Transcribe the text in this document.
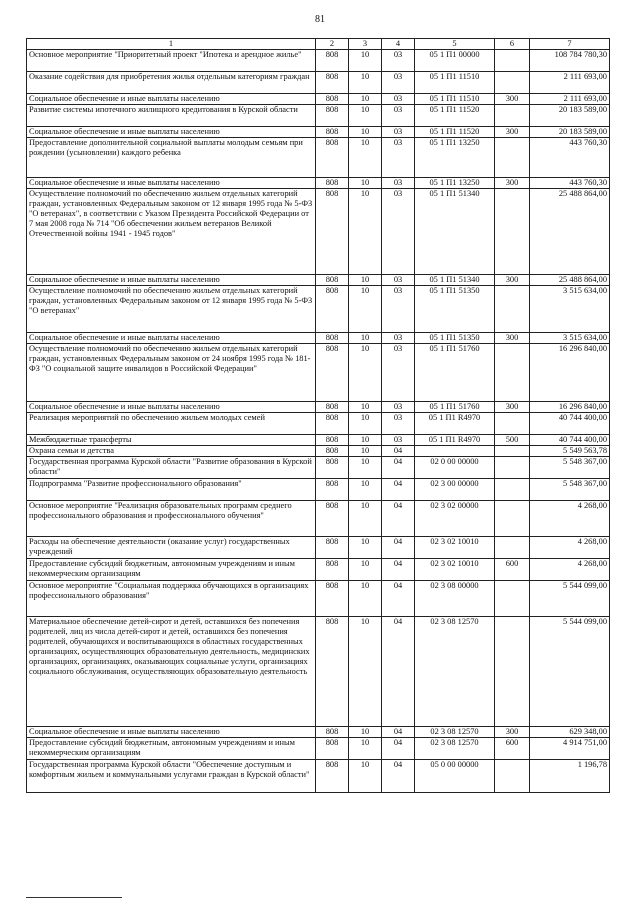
81
1	2	3	4	5	6	7
Основное мероприятие "Приоритетный проект "Ипотека и арендное жилье"	808	10	03	05 1 П1 00000		108 784 780,30
Оказание содействия для приобретения жилья отдельным категориям граждан	808	10	03	05 1 П1 11510		2 111 693,00
Социальное обеспечение и иные выплаты населению	808	10	03	05 1 П1 11510	300	2 111 693,00
Развитие системы ипотечного жилищного кредитования в Курской области	808	10	03	05 1 П1 11520		20 183 589,00
Социальное обеспечение и иные выплаты населению	808	10	03	05 1 П1 11520	300	20 183 589,00
Предоставление дополнительной социальной выплаты молодым семьям при рождении (усыновлении) каждого ребенка	808	10	03	05 1 П1 13250		443 760,30
Социальное обеспечение и иные выплаты населению	808	10	03	05 1 П1 13250	300	443 760,30
Осуществление полномочий по обеспечению жильем отдельных категорий граждан, установленных Федеральным законом от 12 января 1995 года № 5-ФЗ "О ветеранах", в соответствии с Указом Президента Российской Федерации от 7 мая 2008 года № 714 "Об обеспечении жильем ветеранов Великой Отечественной войны 1941 - 1945 годов"	808	10	03	05 1 П1 51340		25 488 864,00
Социальное обеспечение и иные выплаты населению	808	10	03	05 1 П1 51340	300	25 488 864,00
Осуществление полномочий по обеспечению жильем отдельных категорий граждан, установленных Федеральным законом от 12 января 1995 года № 5-ФЗ "О ветеранах"	808	10	03	05 1 П1 51350		3 515 634,00
Социальное обеспечение и иные выплаты населению	808	10	03	05 1 П1 51350	300	3 515 634,00
Осуществление полномочий по обеспечению жильем отдельных категорий граждан, установленных Федеральным законом от 24 ноября 1995 года № 181-ФЗ "О социальной защите инвалидов в Российской Федерации"	808	10	03	05 1 П1 51760		16 296 840,00
Социальное обеспечение и иные выплаты населению	808	10	03	05 1 П1 51760	300	16 296 840,00
Реализация мероприятий по обеспечению жильем молодых семей	808	10	03	05 1 П1 R4970		40 744 400,00
Межбюджетные трансферты	808	10	03	05 1 П1 R4970	500	40 744 400,00
Охрана семьи и детства	808	10	04			5 549 563,78
Государственная программа Курской области "Развитие образования в Курской области"	808	10	04	02 0 00 00000		5 548 367,00
Подпрограмма "Развитие профессионального образования"	808	10	04	02 3 00 00000		5 548 367,00
Основное мероприятие "Реализация образовательных программ среднего профессионального образования и профессионального обучения"	808	10	04	02 3 02 00000		4 268,00
Расходы на обеспечение деятельности (оказание услуг) государственных учреждений	808	10	04	02 3 02 10010		4 268,00
Предоставление субсидий бюджетным, автономным учреждениям и иным некоммерческим организациям	808	10	04	02 3 02 10010	600	4 268,00
Основное мероприятие "Социальная поддержка обучающихся в организациях профессионального образования"	808	10	04	02 3 08 00000		5 544 099,00
Материальное обеспечение детей-сирот и детей, оставшихся без попечения родителей, лиц из числа детей-сирот и детей, оставшихся без попечения родителей, обучающихся и воспитывающихся в областных государственных организациях, осуществляющих образовательную деятельность, медицинских организациях, организациях, оказывающих социальные услуги, организациях социального обслуживания, осуществляющих образовательную деятельность	808	10	04	02 3 08 12570		5 544 099,00
Социальное обеспечение и иные выплаты населению	808	10	04	02 3 08 12570	300	629 348,00
Предоставление субсидий бюджетным, автономным учреждениям и иным некоммерческим организациям	808	10	04	02 3 08 12570	600	4 914 751,00
Государственная программа Курской области "Обеспечение доступным и комфортным жильем и коммунальными услугами граждан в Курской области"	808	10	04	05 0 00 00000		1 196,78
